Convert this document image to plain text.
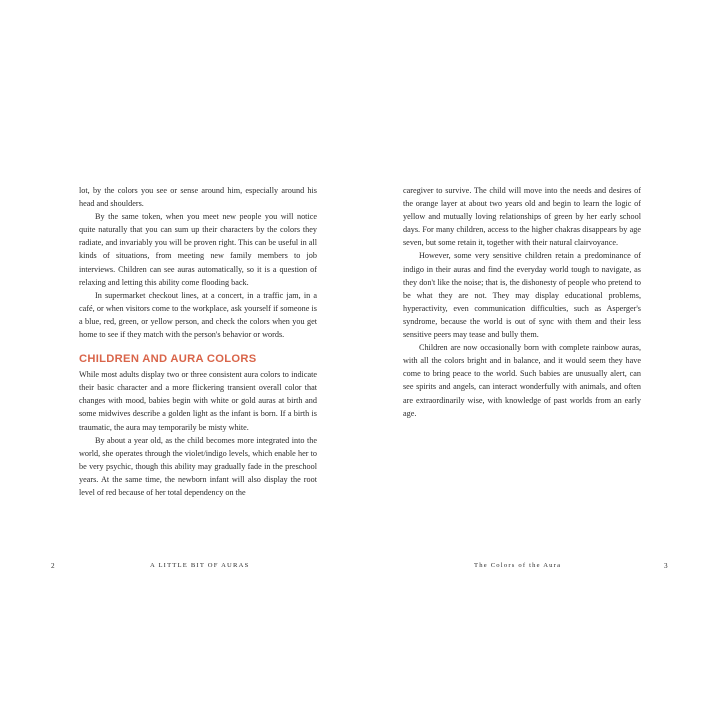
lot, by the colors you see or sense around him, especially around his head and shoulders.

By the same token, when you meet new people you will notice quite naturally that you can sum up their characters by the colors they radiate, and invariably you will be proven right. This can be useful in all kinds of situations, from meeting new family members to job interviews. Children can see auras automatically, so it is a question of relaxing and letting this ability come flooding back.

In supermarket checkout lines, at a concert, in a traffic jam, in a café, or when visitors come to the workplace, ask yourself if someone is a blue, red, green, or yellow person, and check the colors when you get home to see if they match with the person's behavior or words.

CHILDREN AND AURA COLORS

While most adults display two or three consistent aura colors to indicate their basic character and a more flickering transient overall color that changes with mood, babies begin with white or gold auras at birth and some midwives describe a golden light as the infant is born. If a birth is traumatic, the aura may temporarily be misty white.

By about a year old, as the child becomes more integrated into the world, she operates through the violet/indigo levels, which enable her to be very psychic, though this ability may gradually fade in the preschool years. At the same time, the newborn infant will also display the root level of red because of her total dependency on the

2	A LITTLE BIT OF AURAS

caregiver to survive. The child will move into the needs and desires of the orange layer at about two years old and begin to learn the logic of yellow and mutually loving relationships of green by her early school days. For many children, access to the higher chakras disappears by age seven, but some retain it, together with their natural clairvoyance.

However, some very sensitive children retain a predominance of indigo in their auras and find the everyday world tough to navigate, as they don't like the noise; that is, the dishonesty of people who pretend to be what they are not. They may display educational problems, hyperactivity, even communication difficulties, such as Asperger's syndrome, because the world is out of sync with them and their less sensitive peers may tease and bully them.

Children are now occasionally born with complete rainbow auras, with all the colors bright and in balance, and it would seem they have come to bring peace to the world. Such babies are unusually alert, can see spirits and angels, can interact wonderfully with animals, and often are extraordinarily wise, with knowledge of past worlds from an early age.

The Colors of the Aura	3
